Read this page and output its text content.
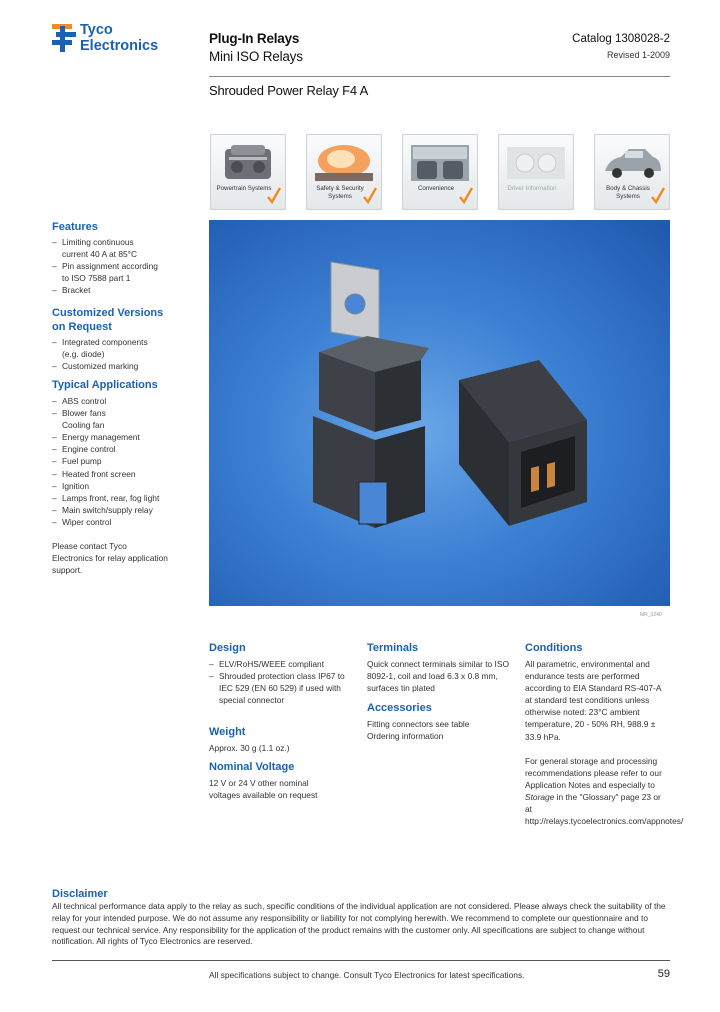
Tyco
Electronics	Plug-In Relays
Mini ISO Relays
Catalog 1308028-2
Revised 1-2009
Shrouded Power Relay F4 A
Powertrain Systems	Safety & Security Systems
Convenience	Driver Information	Body & Chassis Systems
Features
– Limiting continuous current 40 A at 85°C
– Pin assignment according to ISO 7588 part 1
– Bracket
Customized Versions on Request
– Integrated components (e.g. diode)
– Customized marking
Typical Applications
– ABS control
– Blower fans
Cooling fan
– Energy management
– Engine control
– Fuel pump
– Heated front screen
– Ignition
– Lamps front, rear, fog light
– Main switch/supply relay
– Wiper control
Please contact Tyco Electronics for relay application support.
MR_0240
Design
– ELV/RoHS/WEEE compliant
– Shrouded protection class IP67 to IEC 529 (EN 60 529) if used with special connector
Weight
Approx. 30 g (1.1 oz.)
Nominal Voltage
12 V or 24 V other nominal voltages available on request
Terminals
Quick connect terminals similar to ISO 8092-1, coil and load 6.3 x 0.8 mm, surfaces tin plated
Accessories
Fitting connectors see table Ordering information
Conditions
All parametric, environmental and endurance tests are performed according to EIA Standard RS-407-A at standard test conditions unless otherwise noted: 23°C ambient temperature, 20 - 50% RH, 988.9 ± 33.9 hPa.
For general storage and processing recommendations please refer to our Application Notes and especially to Storage in the "Glossary" page 23 or at http://relays.tycoelectronics.com/appnotes/
Disclaimer
All technical performance data apply to the relay as such, specific conditions of the individual application are not considered. Please always check the suitability of the relay for your intended purpose. We do not assume any responsibility or liability for not complying herewith. We recommend to complete our questionnaire and to request our technical service. Any responsibility for the application of the product remains with the customer only. All specifications are subject to change without notification. All rights of Tyco Electronics are reserved.
All specifications subject to change. Consult Tyco Electronics for latest specifications.	59
